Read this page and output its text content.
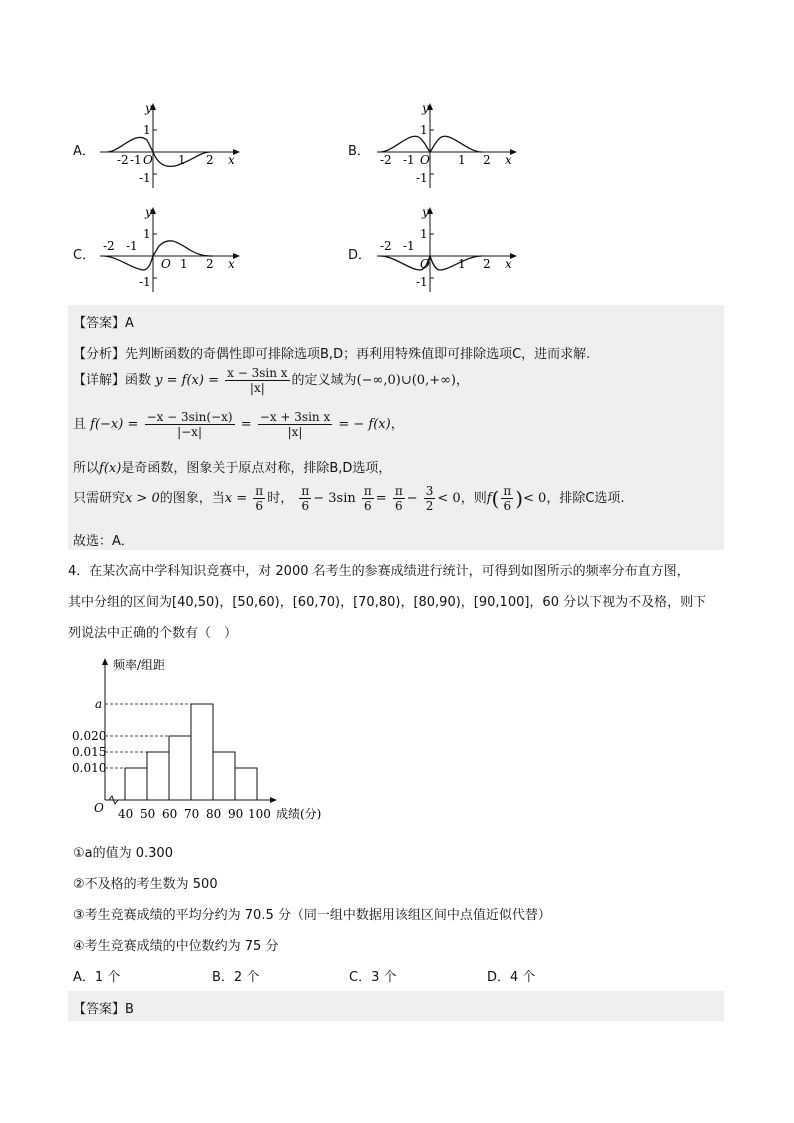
A．
-2 -1 O 1 2 x
y
1
-1
B．
-2 -1 O 1 2 x
y
1
-1
C．
-2 -1
O 1 2 x
y
1
-1
D．
-2 -1
O 1 2 x
y
1
-1
【答案】A
【分析】先判断函数的奇偶性即可排除选项B,D；再利用特殊值即可排除选项C，进而求解.
【详解】函数 $y = f(x) = \frac{\text{x − 3sin x}}{|x|}$ 的定义域为(−∞,0)∪(0,+∞)，
且 $f(-x) = \frac{-x - 3\sin(-x)}{|-x|} = \frac{\text{−x + 3sin x}}{|x|}$ = − f(x)，
所以f(x)是奇函数，图象关于原点对称，排除B,D选项，
只需研究x > 0的图象，当$x = \frac{\pi}{6}$ 时， $\frac{\pi}{6} - 3\sin \frac{\pi}{6} = \frac{\pi}{6} - \frac{3}{2} < 0$，则$f( \frac{\pi}{6}$ )< 0，排除C选项.
故选：A．
4．在某次高中学科知识竞赛中，对 2000 名考生的参赛成绩进行统计，可得到如图所示的频率分布直方图，
其中分组的区间为[40,50)，[50,60)，[60,70)，[70,80)，[80,90)，[90,100]，60 分以下视为不及格，则下
列说法中正确的个数有（　）
频率/组距
成绩(分)
O
0.010
0.015
0.020
a
40 50 60 70 80 90 100
①a的值为 0.300
②不及格的考生数为 500
③考生竞赛成绩的平均分约为 70.5 分（同一组中数据用该组区间中点值近似代替）
④考生竞赛成绩的中位数约为 75 分
A．1 个	B．2 个	C．3 个	D．4 个
【答案】B
